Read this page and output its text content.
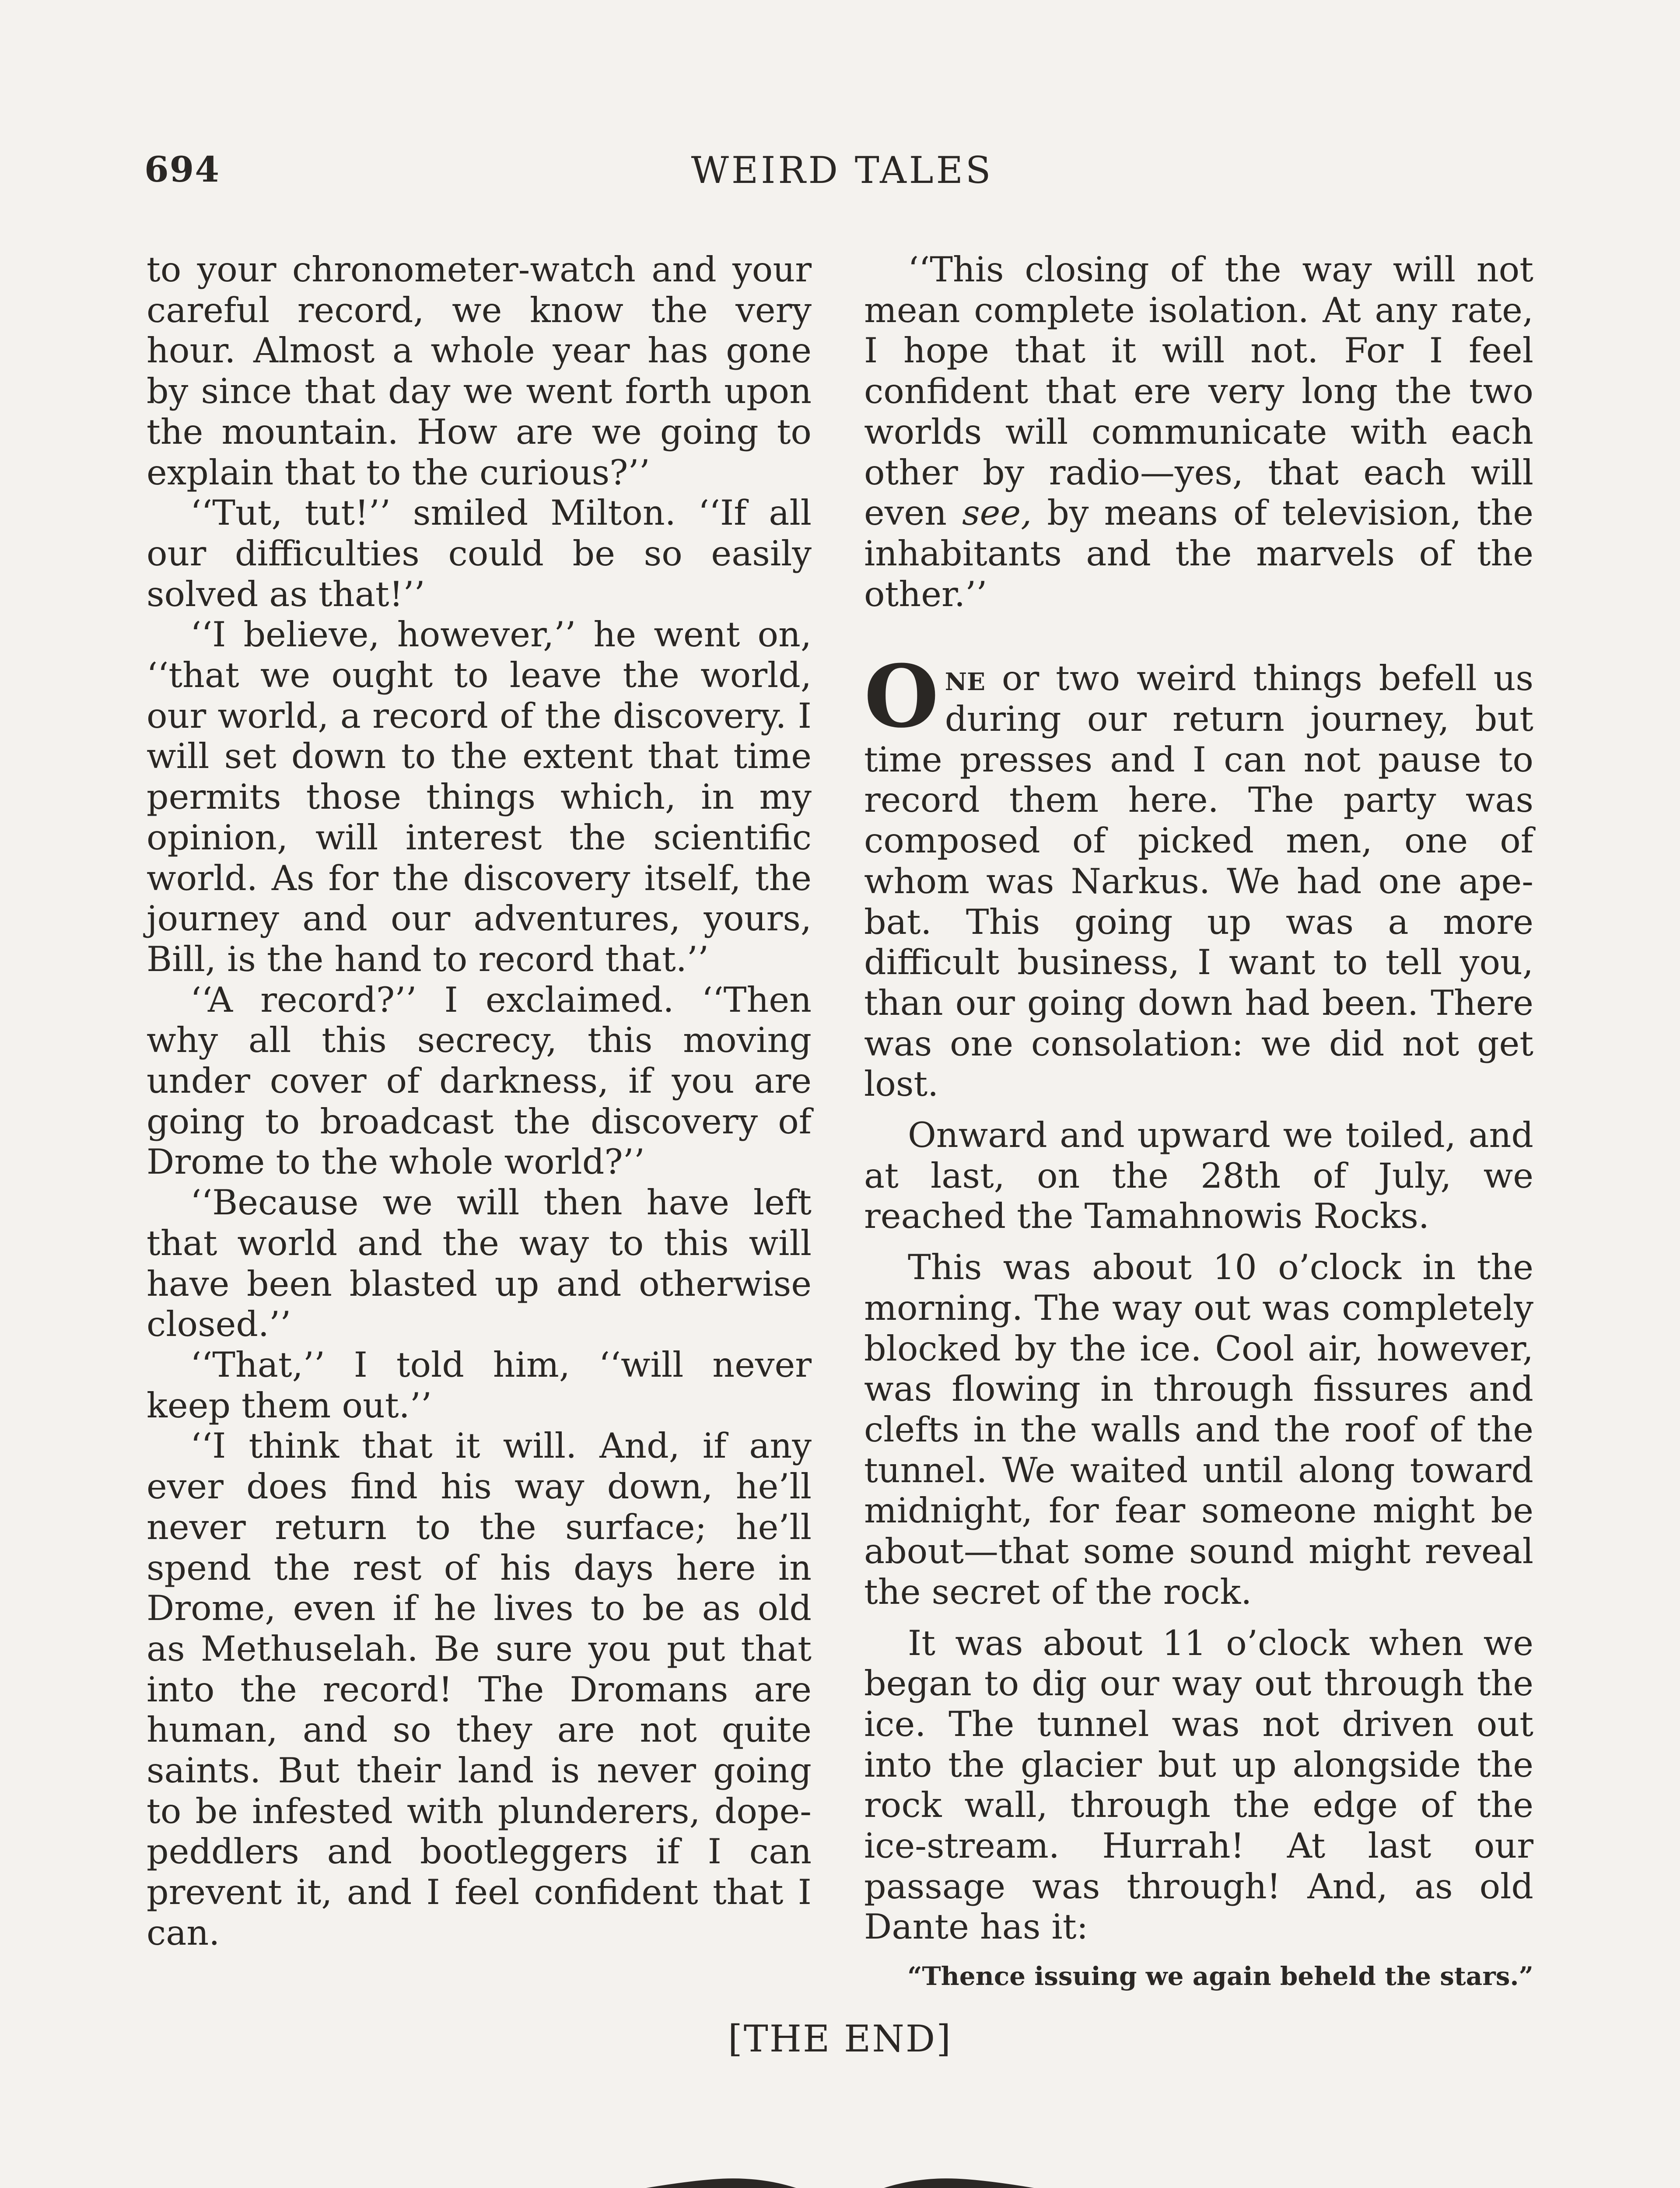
694	WEIRD TALES

to your chronometer-watch and your careful record, we know the very hour. Almost a whole year has gone by since that day we went forth upon the mountain. How are we going to explain that to the curious?’’

‘‘Tut, tut!’’ smiled Milton. ‘‘If all our difficulties could be so easily solved as that!’’

‘‘I believe, however,’’ he went on, ‘‘that we ought to leave the world, our world, a record of the discovery. I will set down to the extent that time permits those things which, in my opinion, will interest the scientific world. As for the discovery itself, the journey and our adventures, yours, Bill, is the hand to record that.’’

‘‘A record?’’ I exclaimed. ‘‘Then why all this secrecy, this moving under cover of darkness, if you are going to broadcast the discovery of Drome to the whole world?’’

‘‘Because we will then have left that world and the way to this will have been blasted up and otherwise closed.’’

‘‘That,’’ I told him, ‘‘will never keep them out.’’

‘‘I think that it will. And, if any ever does find his way down, he’ll never return to the surface; he’ll spend the rest of his days here in Drome, even if he lives to be as old as Methuselah. Be sure you put that into the record! The Dromans are human, and so they are not quite saints. But their land is never going to be infested with plunderers, dope-peddlers and bootleggers if I can prevent it, and I feel confident that I can.

‘‘This closing of the way will not mean complete isolation. At any rate, I hope that it will not. For I feel confident that ere very long the two worlds will communicate with each other by radio—yes, that each will even see, by means of television, the inhabitants and the marvels of the other.’’

One or two weird things befell us during our return journey, but time presses and I can not pause to record them here. The party was composed of picked men, one of whom was Narkus. We had one ape-bat. This going up was a more difficult business, I want to tell you, than our going down had been. There was one consolation: we did not get lost.

Onward and upward we toiled, and at last, on the 28th of July, we reached the Tamahnowis Rocks.

This was about 10 o’clock in the morning. The way out was completely blocked by the ice. Cool air, however, was flowing in through fissures and clefts in the walls and the roof of the tunnel. We waited until along toward midnight, for fear someone might be about—that some sound might reveal the secret of the rock.

It was about 11 o’clock when we began to dig our way out through the ice. The tunnel was not driven out into the glacier but up alongside the rock wall, through the edge of the ice-stream. Hurrah! At last our passage was through! And, as old Dante has it:

“Thence issuing we again beheld the stars.”

[THE END]
